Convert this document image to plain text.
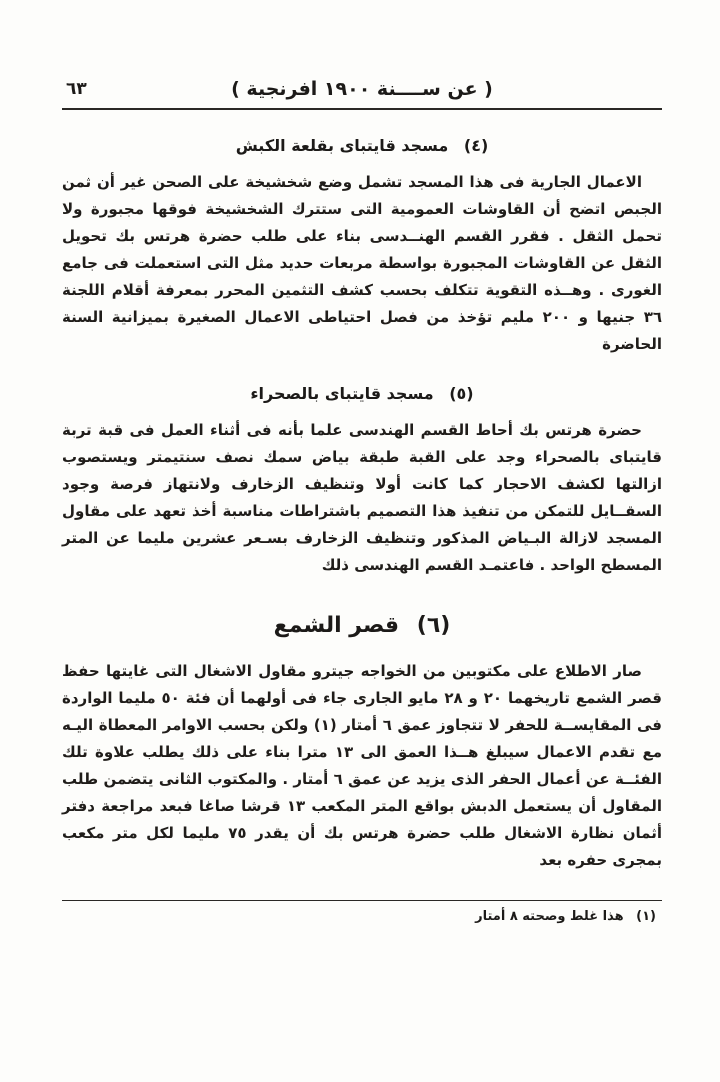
٦٣	( عن ســــنة ١٩٠٠ افرنجية )
(٤) مسجد قايتباى بقلعة الكبش

الاعمال الجارية فى هذا المسجد تشمل وضع شخشيخة على الصحن غير أن ثمن الجبص اتضح أن القاوشات العمومية التى ستترك الشخشيخة فوقها مجبورة ولا تحمل الثقل . فقرر القسم الهنــدسى بناء على طلب حضرة هرتس بك تحويل الثقل عن القاوشات المجبورة بواسطة مربعات حديد مثل التى استعملت فى جامع الغورى . وهــذه التقوية تتكلف بحسب كشف التثمين المحرر بمعرفة أقلام اللجنة ٣٦ جنيها و ٢٠٠ مليم تؤخذ من فصل احتياطى الاعمال الصغيرة بميزانية السنة الحاضرة

(٥) مسجد قايتباى بالصحراء

حضرة هرتس بك أحاط القسم الهندسى علما بأنه فى أثناء العمل فى قبة تربة قايتباى بالصحراء وجد على القبة طبقة بياض سمك نصف سنتيمتر ويستصوب ازالتها لكشف الاحجار كما كانت أولا وتنظيف الزخارف ولانتهاز فرصة وجود السقــايل للتمكن من تنفيذ هذا التصميم باشتراطات مناسبة أخذ تعهد على مقاول المسجد لازالة البـياض المذكور وتنظيف الزخارف بسـعر عشرين مليما عن المتر المسطح الواحد . فاعتمـد القسم الهندسى ذلك

(٦) قصر الشمع

صار الاطلاع على مكتوبين من الخواجه جيترو مقاول الاشغال التى غايتها حفظ قصر الشمع تاريخهما ٢٠ و ٢٨ مايو الجارى جاء فى أولهما أن فئة ٥٠ مليما الواردة فى المقايســة للحفر لا تتجاوز عمق ٦ أمتار (١) ولكن بحسب الاوامر المعطاة اليـه مع تقدم الاعمال سيبلغ هــذا العمق الى ١٣ مترا بناء على ذلك يطلب علاوة تلك الفئــة عن أعمال الحفر الذى يزيد عن عمق ٦ أمتار . والمكتوب الثانى يتضمن طلب المقاول أن يستعمل الدبش بواقع المتر المكعب ١٣ قرشا صاغا فبعد مراجعة دفتر أثمان نظارة الاشغال طلب حضرة هرتس بك أن يقدر ٧٥ مليما لكل متر مكعب بمجرى حفره بعد

(١) هذا غلط وصحته ٨ أمتار
